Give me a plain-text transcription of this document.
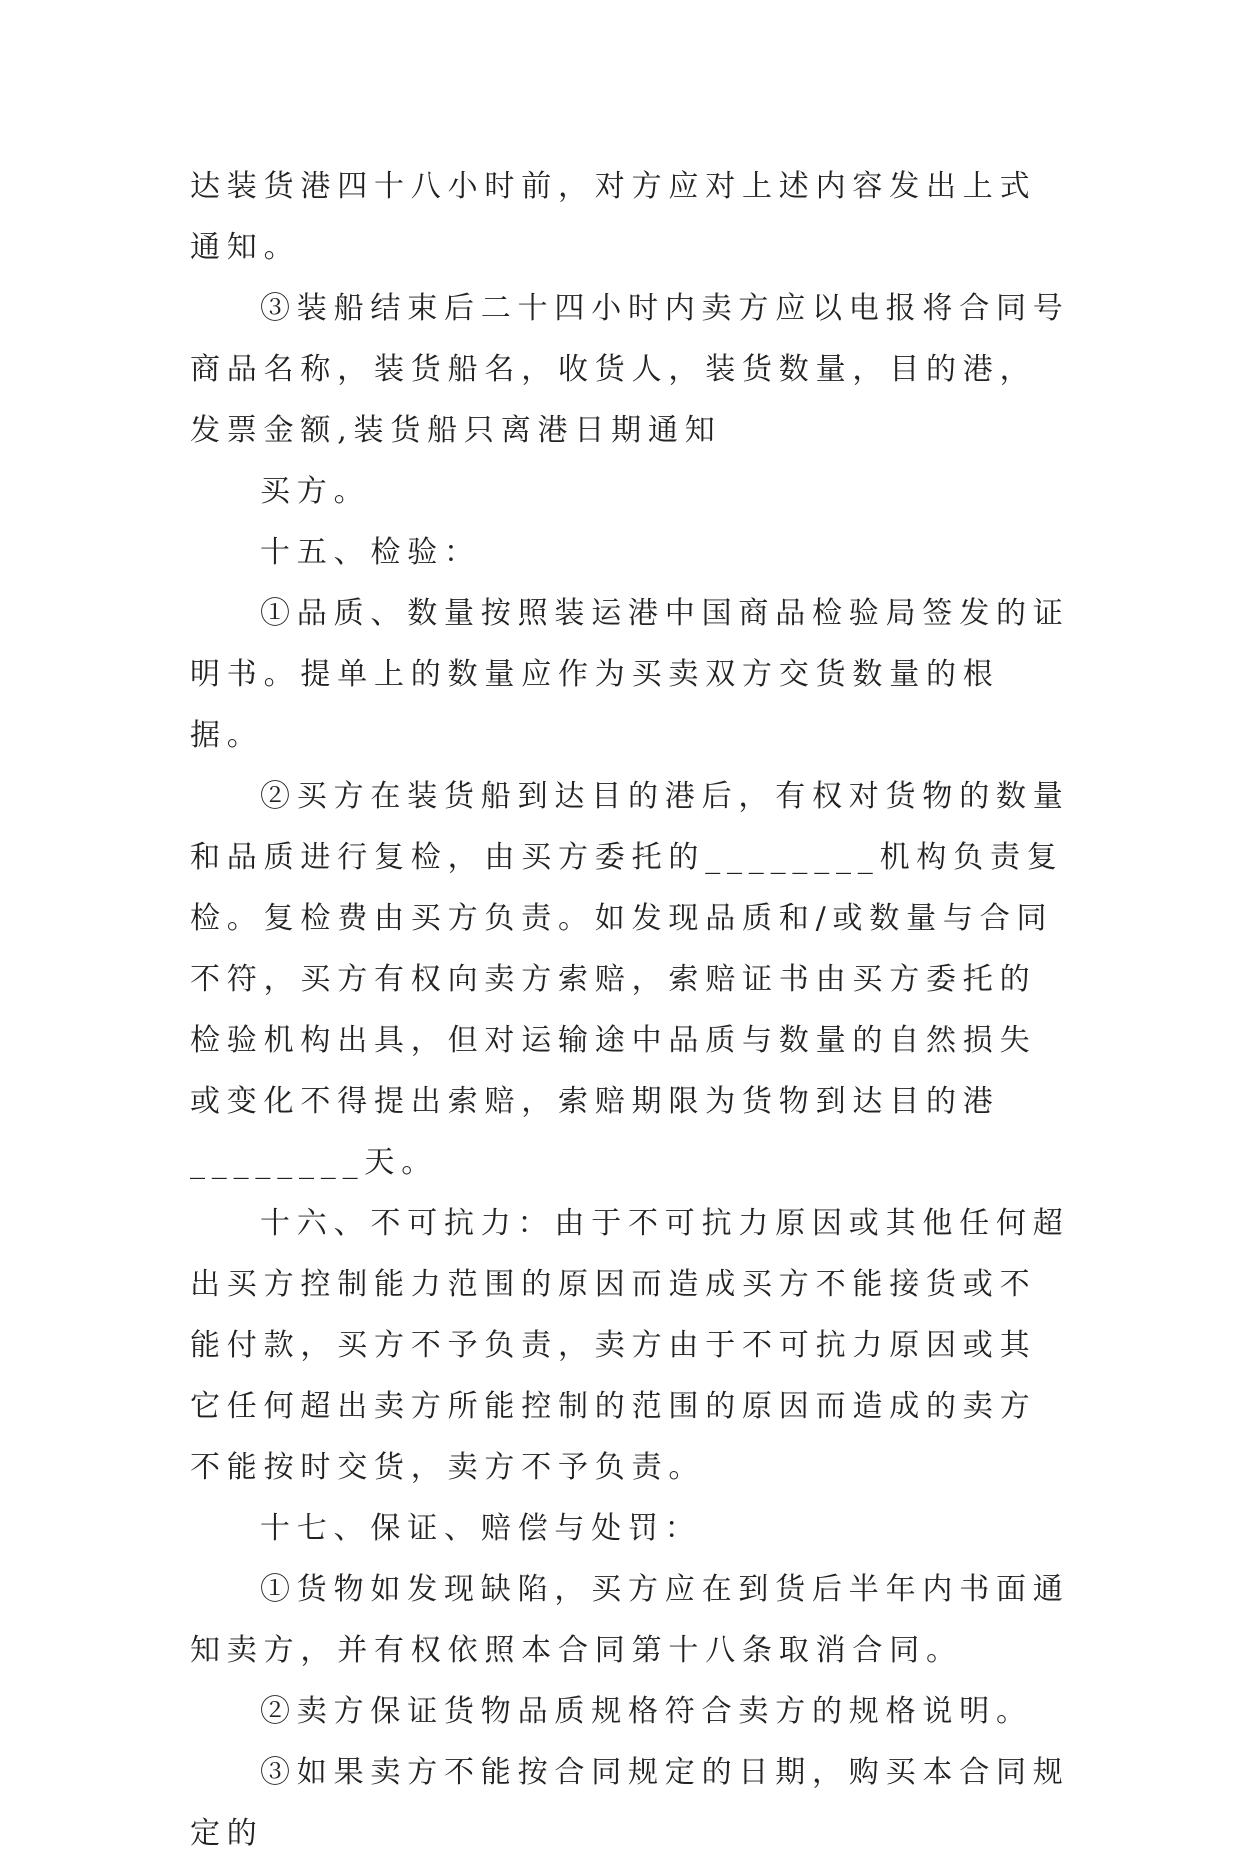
达装货港四十八小时前，对方应对上述内容发出上式通知。

③装船结束后二十四小时内卖方应以电报将合同号商品名称，装货船名，收货人，装货数量，目的港，发票金额,装货船只离港日期通知

买方。

十五、检验：

①品质、数量按照装运港中国商品检验局签发的证明书。提单上的数量应作为买卖双方交货数量的根据。

②买方在装货船到达目的港后，有权对货物的数量和品质进行复检，由买方委托的________机构负责复检。复检费由买方负责。如发现品质和/或数量与合同不符，买方有权向卖方索赔，索赔证书由买方委托的检验机构出具，但对运输途中品质与数量的自然损失或变化不得提出索赔，索赔期限为货物到达目的港________天。

十六、不可抗力：由于不可抗力原因或其他任何超出买方控制能力范围的原因而造成买方不能接货或不能付款，买方不予负责，卖方由于不可抗力原因或其它任何超出卖方所能控制的范围的原因而造成的卖方不能按时交货，卖方不予负责。

十七、保证、赔偿与处罚：

①货物如发现缺陷，买方应在到货后半年内书面通知卖方，并有权依照本合同第十八条取消合同。

②卖方保证货物品质规格符合卖方的规格说明。

③如果卖方不能按合同规定的日期，购买本合同规定的
